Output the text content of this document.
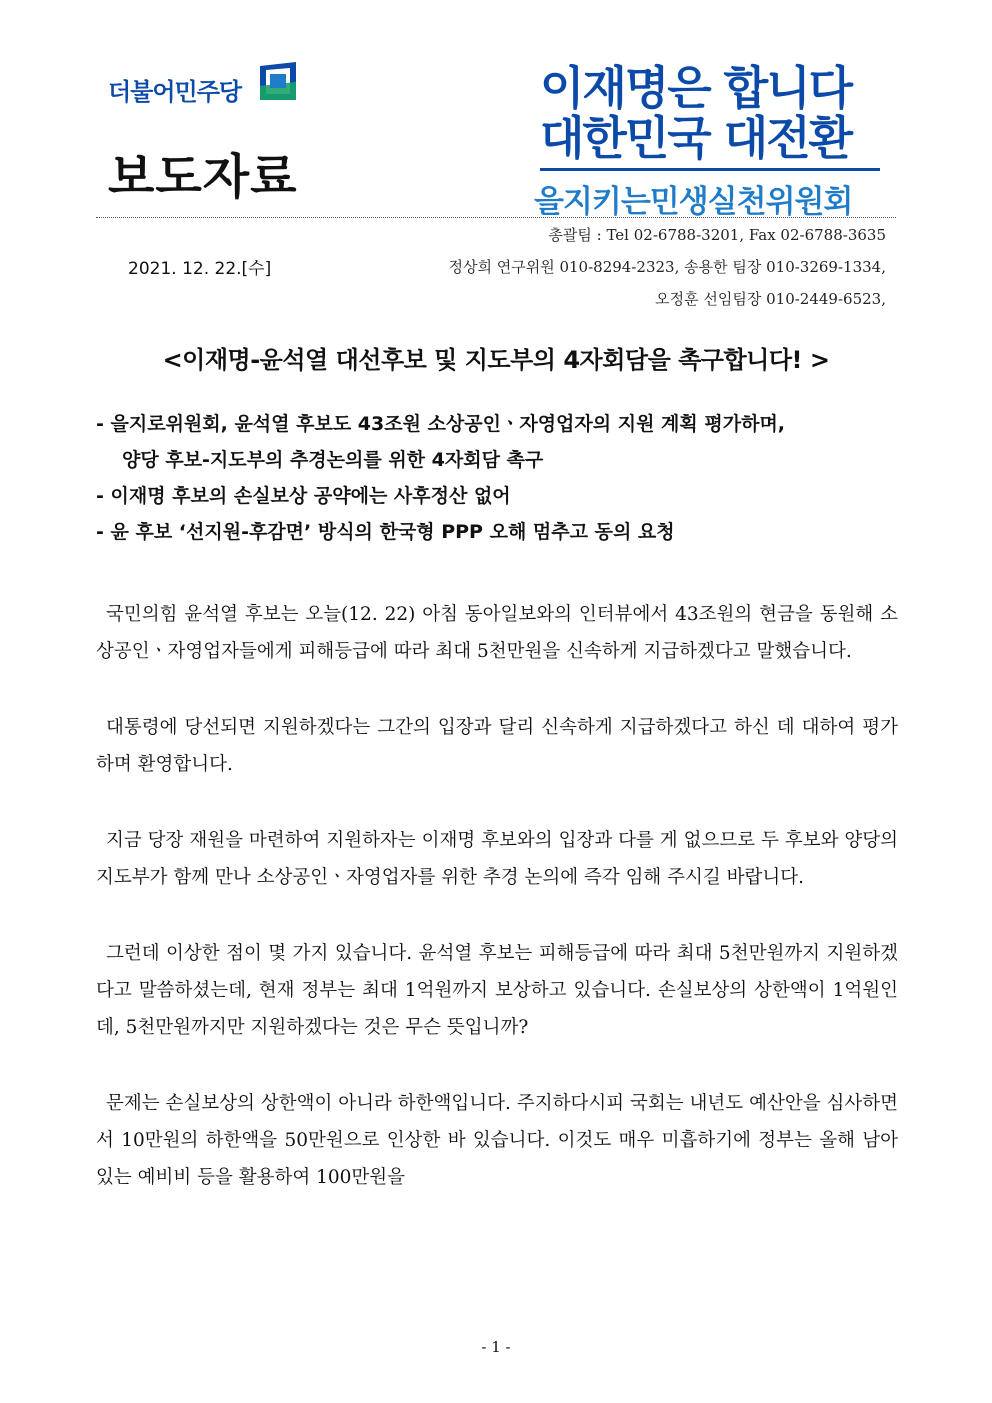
더불어민주당
보도자료
이재명은 합니다
대한민국 대전환
을지키는민생실천위원회
2021. 12. 22.[수]
총괄팀 : Tel 02-6788-3201, Fax 02-6788-3635
정상희 연구위원 010-8294-2323, 송용한 팀장 010-3269-1334,
오정훈 선임팀장 010-2449-6523,
<이재명-윤석열 대선후보 및 지도부의 4자회담을 촉구합니다! >
- 을지로위원회, 윤석열 후보도 43조원 소상공인ㆍ자영업자의 지원 계획 평가하며,
양당 후보-지도부의 추경논의를 위한 4자회담 촉구
- 이재명 후보의 손실보상 공약에는 사후정산 없어
- 윤 후보 ‘선지원-후감면’ 방식의 한국형 PPP 오해 멈추고 동의 요청

국민의힘 윤석열 후보는 오늘(12. 22) 아침 동아일보와의 인터뷰에서 43조원의 현금을 동원해 소상공인ㆍ자영업자들에게 피해등급에 따라 최대 5천만원을 신속하게 지급하겠다고 말했습니다.

대통령에 당선되면 지원하겠다는 그간의 입장과 달리 신속하게 지급하겠다고 하신 데 대하여 평가하며 환영합니다.

지금 당장 재원을 마련하여 지원하자는 이재명 후보와의 입장과 다를 게 없으므로 두 후보와 양당의 지도부가 함께 만나 소상공인ㆍ자영업자를 위한 추경 논의에 즉각 임해 주시길 바랍니다.

그런데 이상한 점이 몇 가지 있습니다. 윤석열 후보는 피해등급에 따라 최대 5천만원까지 지원하겠다고 말씀하셨는데, 현재 정부는 최대 1억원까지 보상하고 있습니다. 손실보상의 상한액이 1억원인데, 5천만원까지만 지원하겠다는 것은 무슨 뜻입니까?

문제는 손실보상의 상한액이 아니라 하한액입니다. 주지하다시피 국회는 내년도 예산안을 심사하면서 10만원의 하한액을 50만원으로 인상한 바 있습니다. 이것도 매우 미흡하기에 정부는 올해 남아 있는 예비비 등을 활용하여 100만원을

- 1 -
